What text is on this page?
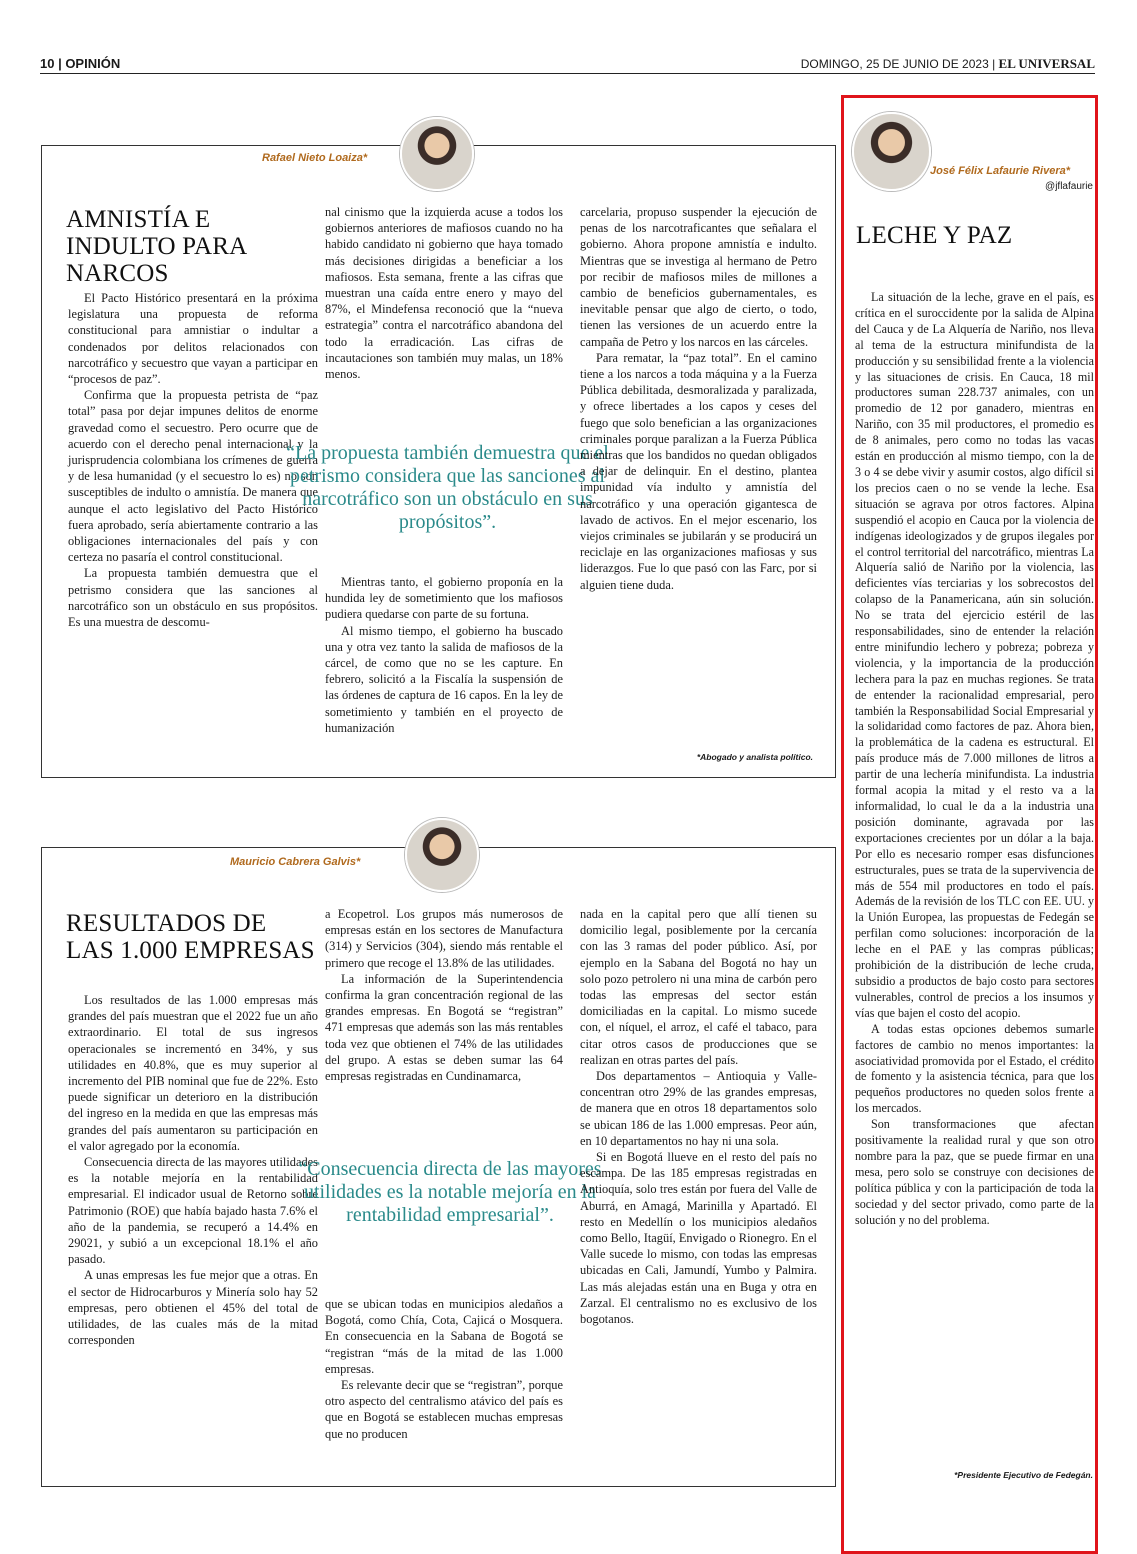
10 | OPINIÓN	DOMINGO, 25 DE JUNIO DE 2023 | EL UNIVERSAL
Rafael Nieto Loaiza*
AMNISTÍA E INDULTO PARA NARCOS

El Pacto Histórico presentará en la próxima legislatura una propuesta de reforma constitucional para amnistiar o indultar a condenados por delitos relacionados con narcotráfico y secuestro que vayan a participar en “procesos de paz”.

Confirma que la propuesta petrista de “paz total” pasa por dejar impunes delitos de enorme gravedad como el secuestro. Pero ocurre que de acuerdo con el derecho penal internacional y la jurisprudencia colombiana los crímenes de guerra y de lesa humanidad (y el secuestro lo es) no son susceptibles de indulto o amnistía. De manera que aunque el acto legislativo del Pacto Histórico fuera aprobado, sería abiertamente contrario a las obligaciones internacionales del país y con certeza no pasaría el control constitucional.

La propuesta también demuestra que el petrismo considera que las sanciones al narcotráfico son un obstáculo en sus propósitos. Es una muestra de descomu-

nal cinismo que la izquierda acuse a todos los gobiernos anteriores de mafiosos cuando no ha habido candidato ni gobierno que haya tomado más decisiones dirigidas a beneficiar a los mafiosos. Esta semana, frente a las cifras que muestran una caída entre enero y mayo del 87%, el Mindefensa reconoció que la “nueva estrategia” contra el narcotráfico abandona del todo la erradicación. Las cifras de incautaciones son también muy malas, un 18% menos.

“La propuesta también demuestra que el petrismo considera que las sanciones al narcotráfico son un obstáculo en sus propósitos”.

Mientras tanto, el gobierno proponía en la hundida ley de sometimiento que los mafiosos pudiera quedarse con parte de su fortuna.

Al mismo tiempo, el gobierno ha buscado una y otra vez tanto la salida de mafiosos de la cárcel, de como que no se les capture. En febrero, solicitó a la Fiscalía la suspensión de las órdenes de captura de 16 capos. En la ley de sometimiento y también en el proyecto de humanización

carcelaria, propuso suspender la ejecución de penas de los narcotraficantes que señalara el gobierno. Ahora propone amnistía e indulto. Mientras que se investiga al hermano de Petro por recibir de mafiosos miles de millones a cambio de beneficios gubernamentales, es inevitable pensar que algo de cierto, o todo, tienen las versiones de un acuerdo entre la campaña de Petro y los narcos en las cárceles.

Para rematar, la “paz total”. En el camino tiene a los narcos a toda máquina y a la Fuerza Pública debilitada, desmoralizada y paralizada, y ofrece libertades a los capos y ceses del fuego que solo benefician a las organizaciones criminales porque paralizan a la Fuerza Pública mientras que los bandidos no quedan obligados a dejar de delinquir. En el destino, plantea impunidad vía indulto y amnistía del narcotráfico y una operación gigantesca de lavado de activos. En el mejor escenario, los viejos criminales se jubilarán y se producirá un reciclaje en las organizaciones mafiosas y sus liderazgos. Fue lo que pasó con las Farc, por si alguien tiene duda.

*Abogado y analista político.
Mauricio Cabrera Galvis*
RESULTADOS DE LAS 1.000 EMPRESAS

Los resultados de las 1.000 empresas más grandes del país muestran que el 2022 fue un año extraordinario. El total de sus ingresos operacionales se incrementó en 34%, y sus utilidades en 40.8%, que es muy superior al incremento del PIB nominal que fue de 22%. Esto puede significar un deterioro en la distribución del ingreso en la medida en que las empresas más grandes del país aumentaron su participación en el valor agregado por la economía.

Consecuencia directa de las mayores utilidades es la notable mejoría en la rentabilidad empresarial. El indicador usual de Retorno sobre Patrimonio (ROE) que había bajado hasta 7.6% el año de la pandemia, se recuperó a 14.4% en 29021, y subió a un excepcional 18.1% el año pasado.

A unas empresas les fue mejor que a otras. En el sector de Hidrocarburos y Minería solo hay 52 empresas, pero obtienen el 45% del total de utilidades, de las cuales más de la mitad corresponden

a Ecopetrol. Los grupos más numerosos de empresas están en los sectores de Manufactura (314) y Servicios (304), siendo más rentable el primero que recoge el 13.8% de las utilidades.

La información de la Superintendencia confirma la gran concentración regional de las grandes empresas. En Bogotá se “registran” 471 empresas que además son las más rentables toda vez que obtienen el 74% de las utilidades del grupo. A estas se deben sumar las 64 empresas registradas en Cundinamarca,

“Consecuencia directa de las mayores utilidades es la notable mejoría en la rentabilidad empresarial”.

que se ubican todas en municipios aledaños a Bogotá, como Chía, Cota, Cajicá o Mosquera. En consecuencia en la Sabana de Bogotá se “registran “más de la mitad de las 1.000 empresas.

Es relevante decir que se “registran”, porque otro aspecto del centralismo atávico del país es que en Bogotá se establecen muchas empresas que no producen

nada en la capital pero que allí tienen su domicilio legal, posiblemente por la cercanía con las 3 ramas del poder público. Así, por ejemplo en la Sabana del Bogotá no hay un solo pozo petrolero ni una mina de carbón pero todas las empresas del sector están domiciliadas en la capital. Lo mismo sucede con, el níquel, el arroz, el café el tabaco, para citar otros casos de producciones que se realizan en otras partes del país.

Dos departamentos – Antioquia y Valle- concentran otro 29% de las grandes empresas, de manera que en otros 18 departamentos solo se ubican 186 de las 1.000 empresas. Peor aún, en 10 departamentos no hay ni una sola.

Si en Bogotá llueve en el resto del país no escampa. De las 185 empresas registradas en Antioquía, solo tres están por fuera del Valle de Aburrá, en Amagá, Marinilla y Apartadó. El resto en Medellín o los municipios aledaños como Bello, Itagüí, Envigado o Rionegro. En el Valle sucede lo mismo, con todas las empresas ubicadas en Cali, Jamundí, Yumbo y Palmira. Las más alejadas están una en Buga y otra en Zarzal. El centralismo no es exclusivo de los bogotanos.

José Félix Lafaurie Rivera*
@jflafaurie
LECHE Y PAZ

La situación de la leche, grave en el país, es crítica en el suroccidente por la salida de Alpina del Cauca y de La Alquería de Nariño, nos lleva al tema de la estructura minifundista de la producción y su sensibilidad frente a la violencia y las situaciones de crisis. En Cauca, 18 mil productores suman 228.737 animales, con un promedio de 12 por ganadero, mientras en Nariño, con 35 mil productores, el promedio es de 8 animales, pero como no todas las vacas están en producción al mismo tiempo, con la de 3 o 4 se debe vivir y asumir costos, algo difícil si los precios caen o no se vende la leche. Esa situación se agrava por otros factores. Alpina suspendió el acopio en Cauca por la violencia de indígenas ideologizados y de grupos ilegales por el control territorial del narcotráfico, mientras La Alquería salió de Nariño por la violencia, las deficientes vías terciarias y los sobrecostos del colapso de la Panamericana, aún sin solución. No se trata del ejercicio estéril de las responsabilidades, sino de entender la relación entre minifundio lechero y pobreza; pobreza y violencia, y la importancia de la producción lechera para la paz en muchas regiones. Se trata de entender la racionalidad empresarial, pero también la Responsabilidad Social Empresarial y la solidaridad como factores de paz. Ahora bien, la problemática de la cadena es estructural. El país produce más de 7.000 millones de litros a partir de una lechería minifundista. La industria formal acopia la mitad y el resto va a la informalidad, lo cual le da a la industria una posición dominante, agravada por las exportaciones crecientes por un dólar a la baja. Por ello es necesario romper esas disfunciones estructurales, pues se trata de la supervivencia de más de 554 mil productores en todo el país. Además de la revisión de los TLC con EE. UU. y la Unión Europea, las propuestas de Fedegán se perfilan como soluciones: incorporación de la leche en el PAE y las compras públicas; prohibición de la distribución de leche cruda, subsidio a productos de bajo costo para sectores vulnerables, control de precios a los insumos y vías que bajen el costo del acopio.

A todas estas opciones debemos sumarle factores de cambio no menos importantes: la asociatividad promovida por el Estado, el crédito de fomento y la asistencia técnica, para que los pequeños productores no queden solos frente a los mercados.

Son transformaciones que afectan positivamente la realidad rural y que son otro nombre para la paz, que se puede firmar en una mesa, pero solo se construye con decisiones de política pública y con la participación de toda la sociedad y del sector privado, como parte de la solución y no del problema.

*Presidente Ejecutivo de Fedegán.
